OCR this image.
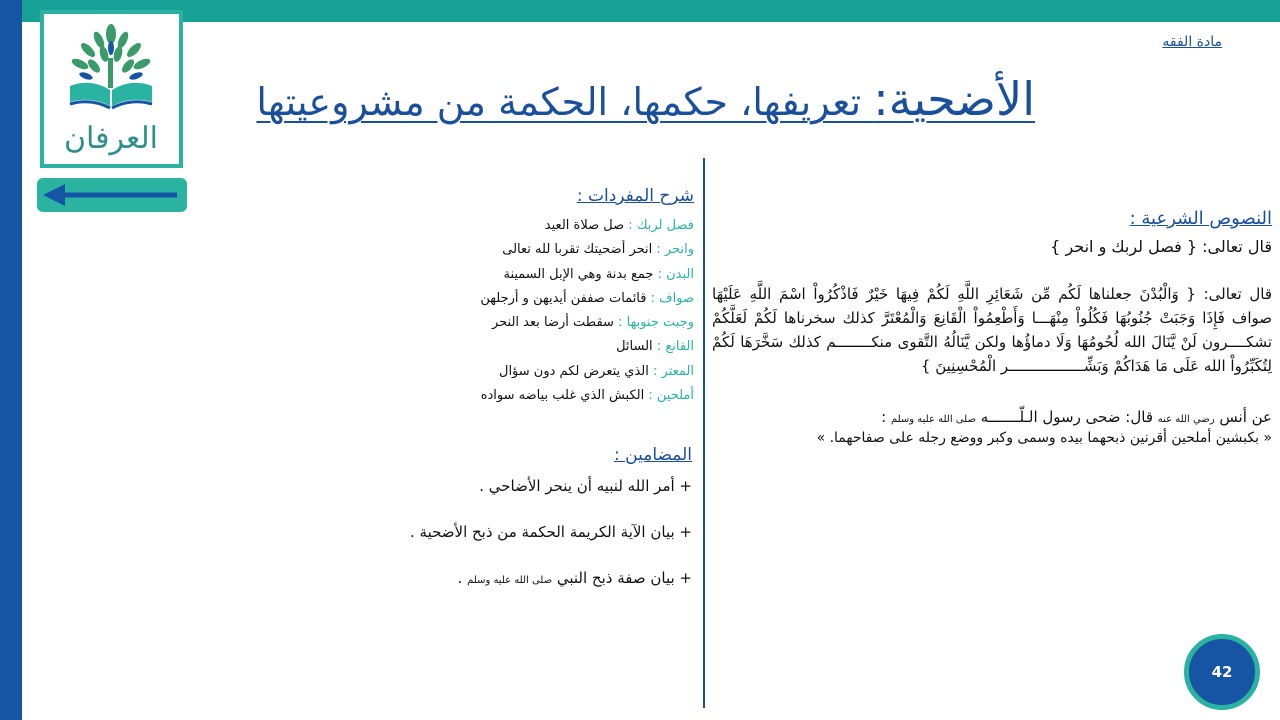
العرفان
مادة الفقه
الأضحية: تعريفها، حكمها، الحكمة من مشروعيتها
النصوص الشرعية :
قال تعالى: { فصل لربك و انحر }
قال تعالى: { وَالْبُدْنَ جعلناها لَكُم مِّن شَعَائِرِ اللَّهِ لَكُمْ فِيهَا خَيْرٌ فَاذْكُرُواْ اسْمَ اللَّهِ عَلَيْهَا صواف فَإِذَا وَجَبَتْ جُنُوبُهَا فَكُلُواْ مِنْهَـــا وَأَطْعِمُواْ الْقَانِعَ وَالْمُعْتَرَّ كذلك سخرناها لَكُمْ لَعَلَّكُمْ تشكــــرون لَنْ يَّنَالَ الله لُحُومُهَا وَلَا دماؤُها ولكن يَّنَالُهُ التَّقوى منكــــــــم كذلك سَخَّرَهَا لَكُمْ لِتُكَبِّرُواْ الله عَلَى مَا هَدَاكُمْ وَبَشِّـــــــــــــــــر الْمُحْسِنِينَ }
عن أنس رضي الله عنه قال: ضحى رسول الـلّـــــــه صلى الله عليه وسلم :
« بكبشين أملحين أقرنين ذبحهما بيده وسمى وكبر ووضع رجله على صفاحهما. »
شرح المفردات :
فصل لربك : صل صلاة العيد
وانحر : انحر أضحيتك تقربا لله تعالى
البدن : جمع بدنة وهي الإبل السمينة
صواف : قائمات صففن أيديهن و أرجلهن
وجبت جنوبها : سقطت أرضا بعد النحر
القانع : السائل
المعتر : الذي يتعرض لكم دون سؤال
أملحين : الكبش الذي غلب بياضه سواده
المضامين :
+ أمر الله لنبيه أن ينحر الأضاحي .
+ بيان الآية الكريمة الحكمة من ذبح الأضحية .
+ بيان صفة ذبح النبي صلى الله عليه وسلم .
42
